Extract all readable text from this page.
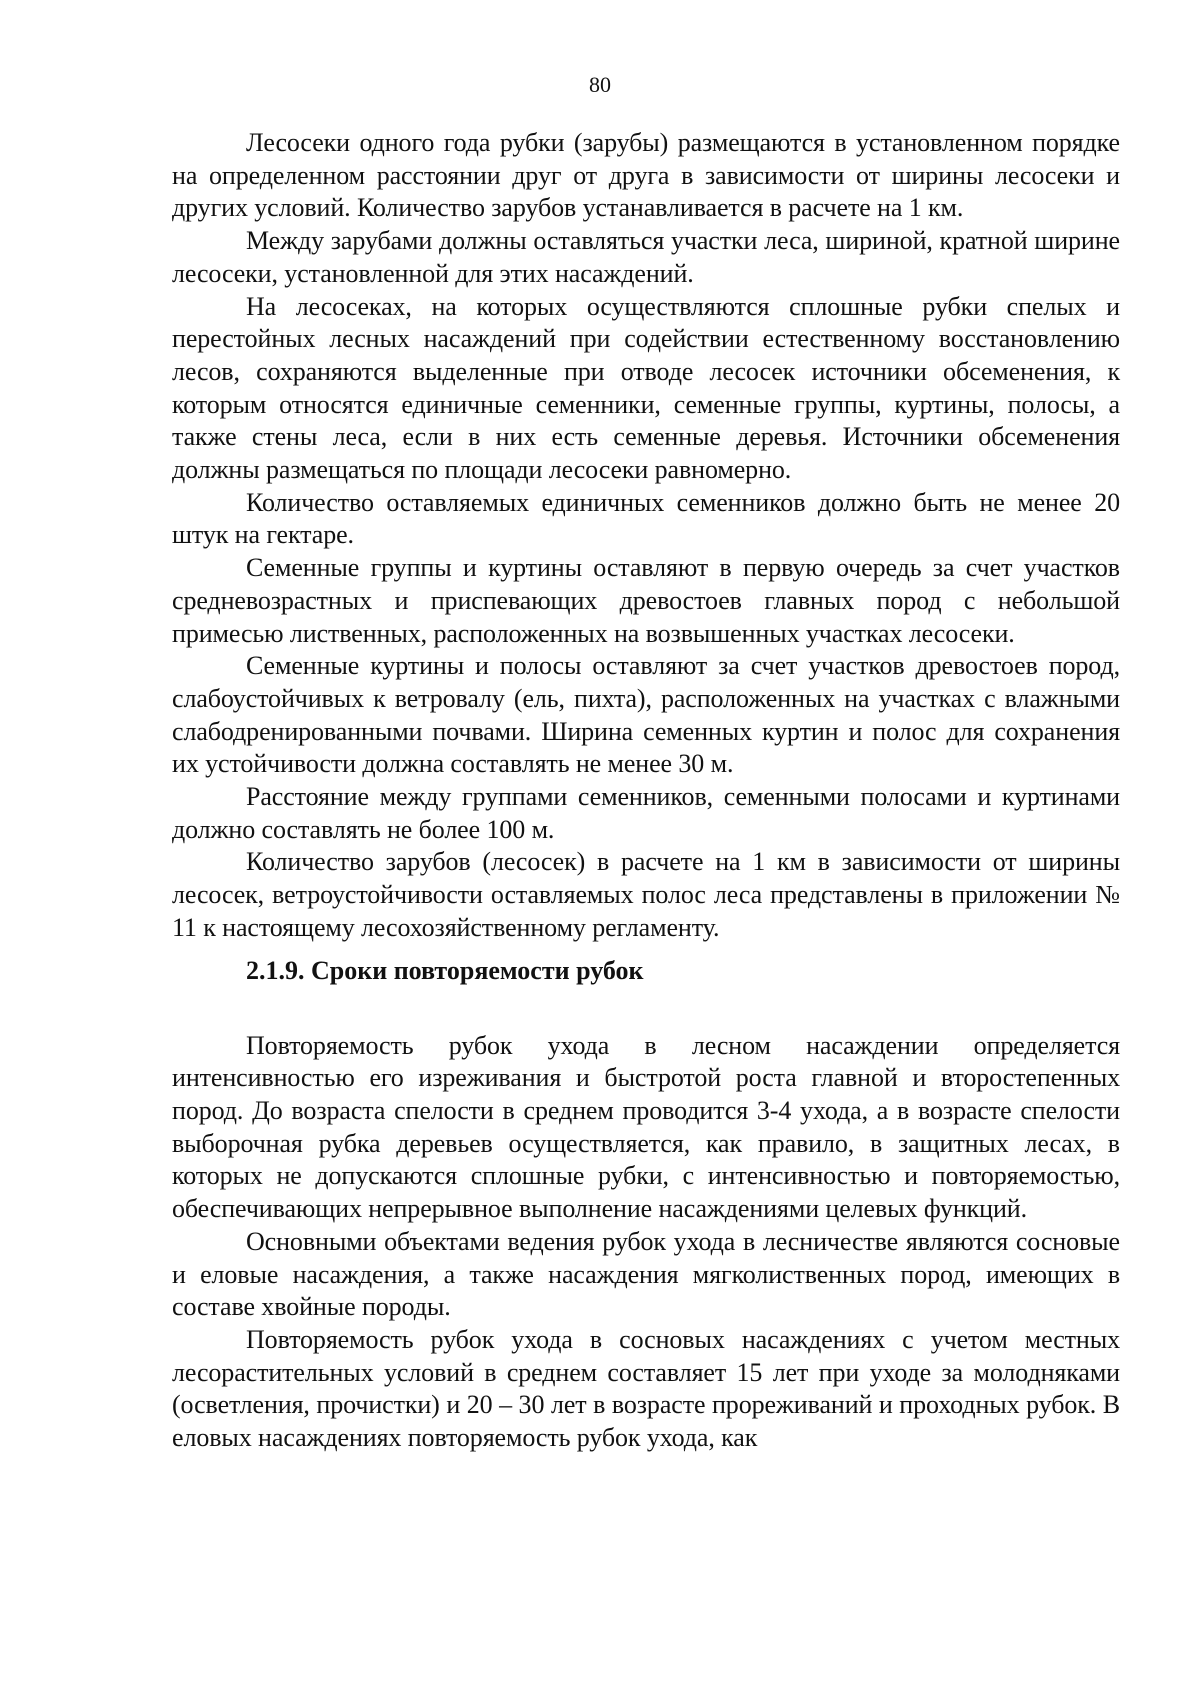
80

Лесосеки одного года рубки (зарубы) размещаются в установленном порядке на определенном расстоянии друг от друга в зависимости от ширины лесосеки и других условий. Количество зарубов устанавливается в расчете на 1 км.

Между зарубами должны оставляться участки леса, шириной, кратной ширине лесосеки, установленной для этих насаждений.

На лесосеках, на которых осуществляются сплошные рубки спелых и перестойных лесных насаждений при содействии естественному восстановлению лесов, сохраняются выделенные при отводе лесосек источники обсеменения, к которым относятся единичные семенники, семенные группы, куртины, полосы, а также стены леса, если в них есть семенные деревья. Источники обсеменения должны размещаться по площади лесосеки равномерно.

Количество оставляемых единичных семенников должно быть не менее 20 штук на гектаре.

Семенные группы и куртины оставляют в первую очередь за счет участков средневозрастных и приспевающих древостоев главных пород с небольшой примесью лиственных, расположенных на возвышенных участках лесосеки.

Семенные куртины и полосы оставляют за счет участков древостоев пород, слабоустойчивых к ветровалу (ель, пихта), расположенных на участках с влажными слабодренированными почвами. Ширина семенных куртин и полос для сохранения их устойчивости должна составлять не менее 30 м.

Расстояние между группами семенников, семенными полосами и куртинами должно составлять не более 100 м.

Количество зарубов (лесосек) в расчете на 1 км в зависимости от ширины лесосек, ветроустойчивости оставляемых полос леса представлены в приложении № 11 к настоящему лесохозяйственному регламенту.

2.1.9. Сроки повторяемости рубок

Повторяемость рубок ухода в лесном насаждении определяется интенсивностью его изреживания и быстротой роста главной и второстепенных пород. До возраста спелости в среднем проводится 3-4 ухода, а в возрасте спелости выборочная рубка деревьев осуществляется, как правило, в защитных лесах, в которых не допускаются сплошные рубки, с интенсивностью и повторяемостью, обеспечивающих непрерывное выполнение насаждениями целевых функций.

Основными объектами ведения рубок ухода в лесничестве являются сосновые и еловые насаждения, а также насаждения мягколиственных пород, имеющих в составе хвойные породы.

Повторяемость рубок ухода в сосновых насаждениях с учетом местных лесорастительных условий в среднем составляет 15 лет при уходе за молодняками (осветления, прочистки) и 20 – 30 лет в возрасте прореживаний и проходных рубок. В еловых насаждениях повторяемость рубок ухода, как
